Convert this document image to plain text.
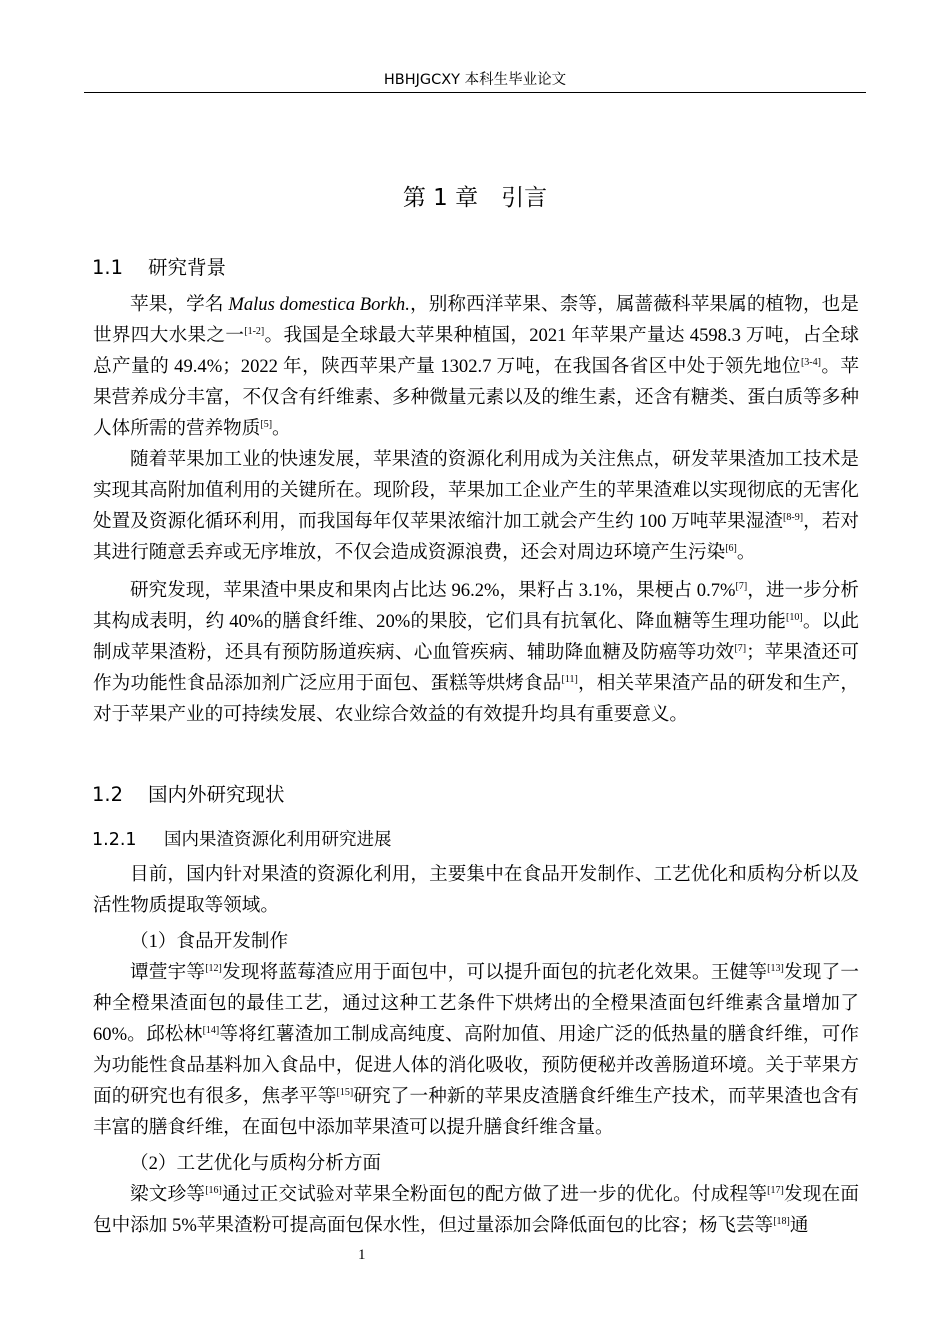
HBHJGCXY 本科生毕业论文
第 1 章　引言
1.1 研究背景
苹果，学名 Malus domestica Borkh.，别称西洋苹果、柰等，属蔷薇科苹果属的植物，也是世界四大水果之一[1-2]。我国是全球最大苹果种植国，2021 年苹果产量达 4598.3 万吨，占全球总产量的 49.4%；2022 年，陕西苹果产量 1302.7 万吨，在我国各省区中处于领先地位[3-4]。苹果营养成分丰富，不仅含有纤维素、多种微量元素以及的维生素，还含有糖类、蛋白质等多种人体所需的营养物质[5]。
随着苹果加工业的快速发展，苹果渣的资源化利用成为关注焦点，研发苹果渣加工技术是实现其高附加值利用的关键所在。现阶段，苹果加工企业产生的苹果渣难以实现彻底的无害化处置及资源化循环利用，而我国每年仅苹果浓缩汁加工就会产生约 100 万吨苹果湿渣[8-9]，若对其进行随意丢弃或无序堆放，不仅会造成资源浪费，还会对周边环境产生污染[6]。
研究发现，苹果渣中果皮和果肉占比达 96.2%，果籽占 3.1%，果梗占 0.7%[7]，进一步分析其构成表明，约 40%的膳食纤维、20%的果胶，它们具有抗氧化、降血糖等生理功能[10]。以此制成苹果渣粉，还具有预防肠道疾病、心血管疾病、辅助降血糖及防癌等功效[7]；苹果渣还可作为功能性食品添加剂广泛应用于面包、蛋糕等烘烤食品[11]，相关苹果渣产品的研发和生产，对于苹果产业的可持续发展、农业综合效益的有效提升均具有重要意义。
1.2 国内外研究现状
1.2.1 国内果渣资源化利用研究进展
目前，国内针对果渣的资源化利用，主要集中在食品开发制作、工艺优化和质构分析以及活性物质提取等领域。
（1）食品开发制作
谭萱宇等[12]发现将蓝莓渣应用于面包中，可以提升面包的抗老化效果。王健等[13]发现了一种全橙果渣面包的最佳工艺，通过这种工艺条件下烘烤出的全橙果渣面包纤维素含量增加了 60%。邱松林[14]等将红薯渣加工制成高纯度、高附加值、用途广泛的低热量的膳食纤维，可作为功能性食品基料加入食品中，促进人体的消化吸收，预防便秘并改善肠道环境。关于苹果方面的研究也有很多，焦孝平等[15]研究了一种新的苹果皮渣膳食纤维生产技术，而苹果渣也含有丰富的膳食纤维，在面包中添加苹果渣可以提升膳食纤维含量。
（2）工艺优化与质构分析方面
梁文珍等[16]通过正交试验对苹果全粉面包的配方做了进一步的优化。付成程等[17]发现在面包中添加 5%苹果渣粉可提高面包保水性，但过量添加会降低面包的比容；杨飞芸等[18]通
1
